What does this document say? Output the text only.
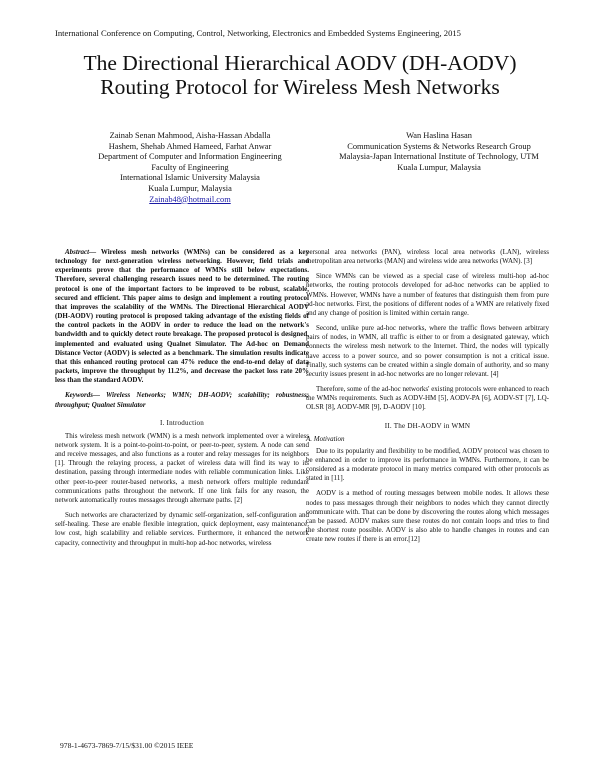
International Conference on Computing, Control, Networking, Electronics and Embedded Systems Engineering, 2015
The Directional Hierarchical AODV (DH-AODV)
Routing Protocol for Wireless Mesh Networks
Zainab Senan Mahmood, Aisha-Hassan Abdalla
Hashem, Shehab Ahmed Hameed, Farhat Anwar
Department of Computer and Information Engineering
Faculty of Engineering
International Islamic University Malaysia
Kuala Lumpur, Malaysia
Zainab48@hotmail.com
Wan Haslina Hasan
Communication Systems & Networks Research Group
Malaysia-Japan International Institute of Technology, UTM
Kuala Lumpur, Malaysia

Abstract— Wireless mesh networks (WMNs) can be considered as a key technology for next-generation wireless networking. However, field trials and experiments prove that the performance of WMNs still below expectations. Therefore, several challenging research issues need to be determined. The routing protocol is one of the important factors to be improved to be robust, scalable, secured and efficient. This paper aims to design and implement a routing protocol that improves the scalability of the WMNs. The Directional Hierarchical AODV (DH-AODV) routing protocol is proposed taking advantage of the existing fields of the control packets in the AODV in order to reduce the load on the network's bandwidth and to quickly detect route breakage. The proposed protocol is designed, implemented and evaluated using Qualnet Simulator. The Ad-hoc on Demand Distance Vector (AODV) is selected as a benchmark. The simulation results indicate that this enhanced routing protocol can 47% reduce the end-to-end delay of data packets, improve the throughput by 11.2%, and decrease the packet loss rate 20% less than the standard AODV.

Keywords— Wireless Networks; WMN; DH-AODV; scalability; robustness; throughput; Qualnet Simulator

I. Introduction

This wireless mesh network (WMN) is a mesh network implemented over a wireless network system. It is a point-to-point-to-point, or peer-to-peer, system. A node can send and receive messages, and also functions as a router and relay messages for its neighbors [1]. Through the relaying process, a packet of wireless data will find its way to its destination, passing through intermediate nodes with reliable communication links. Like other peer-to-peer router-based networks, a mesh network offers multiple redundant communications paths throughout the network. If one link fails for any reason, the network automatically routes messages through alternate paths. [2]

Such networks are characterized by dynamic self-organization, self-configuration and self-healing. These are enable flexible integration, quick deployment, easy maintenance, low cost, high scalability and reliable services. Furthermore, it enhanced the network capacity, connectivity and throughput in multi-hop ad-hoc networks, wireless

personal area networks (PAN), wireless local area networks (LAN), wireless metropolitan area networks (MAN) and wireless wide area networks (WAN). [3]

Since WMNs can be viewed as a special case of wireless multi-hop ad-hoc networks, the routing protocols developed for ad-hoc networks can be applied to WMNs. However, WMNs have a number of features that distinguish them from pure ad-hoc networks. First, the positions of different nodes of a WMN are relatively fixed and any change of position is limited within certain range.

Second, unlike pure ad-hoc networks, where the traffic flows between arbitrary pairs of nodes, in WMN, all traffic is either to or from a designated gateway, which connects the wireless mesh network to the Internet. Third, the nodes will typically have access to a power source, and so power consumption is not a critical issue. Finally, such systems can be created within a single domain of authority, and so many security issues present in ad-hoc networks are no longer relevant. [4]

Therefore, some of the ad-hoc networks' existing protocols were enhanced to reach the WMNs requirements. Such as AODV-HM [5], AODV-PA [6], AODV-ST [7], LQ-OLSR [8], AODV-MR [9], D-AODV [10].

II. The DH-AODV in WMN

A. Motivation

Due to its popularity and flexibility to be modified, AODV protocol was chosen to be enhanced in order to improve its performance in WMNs. Furthermore, it can be considered as a moderate protocol in many metrics compared with other protocols as stated in [11].

AODV is a method of routing messages between mobile nodes. It allows these nodes to pass messages through their neighbors to nodes which they cannot directly communicate with. That can be done by discovering the routes along which messages can be passed. AODV makes sure these routes do not contain loops and tries to find the shortest route possible. AODV is also able to handle changes in routes and can create new routes if there is an error.[12]

978-1-4673-7869-7/15/$31.00 ©2015 IEEE
